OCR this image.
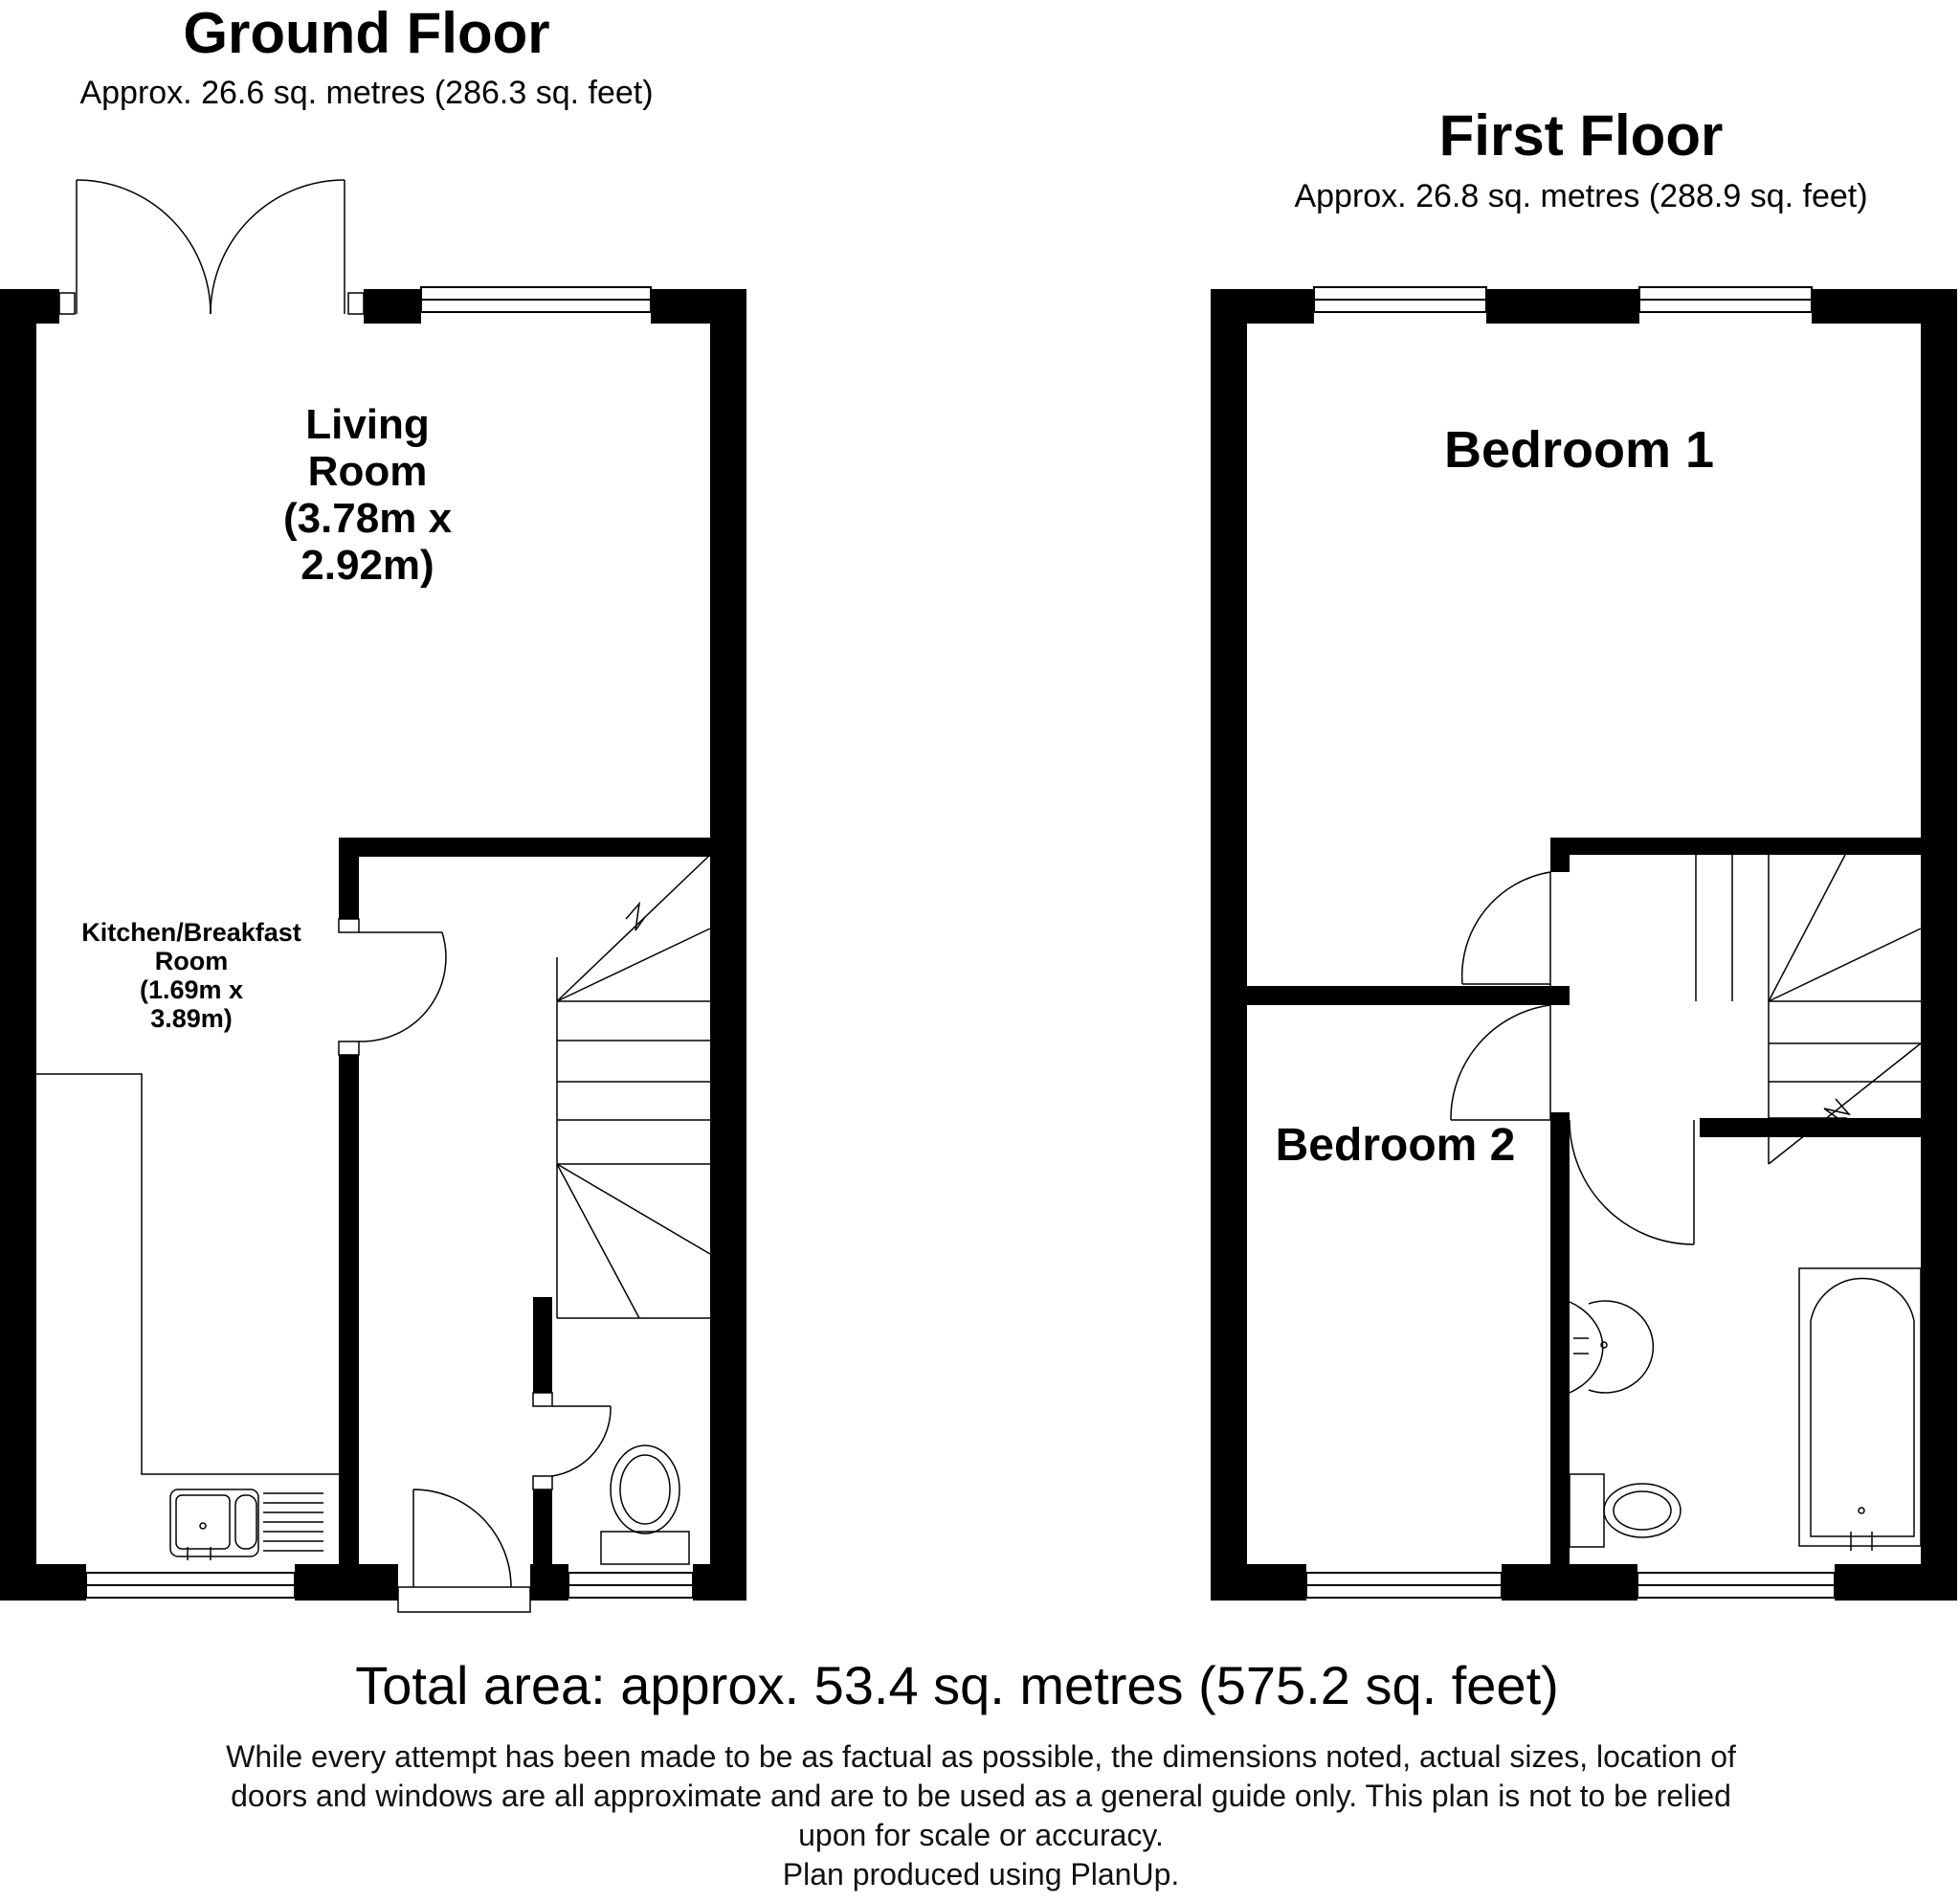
Ground Floor
Approx. 26.6 sq. metres (286.3 sq. feet)
First Floor
Approx. 26.8 sq. metres (288.9 sq. feet)
Living
Room
(3.78m x
2.92m)
Kitchen/Breakfast
Room
(1.69m x
3.89m)
Bedroom 1
Bedroom 2
Total area: approx. 53.4 sq. metres (575.2 sq. feet)
While every attempt has been made to be as factual as possible, the dimensions noted, actual sizes, location of
doors and windows are all approximate and are to be used as a general guide only. This plan is not to be relied
upon for scale or accuracy.
Plan produced using PlanUp.
